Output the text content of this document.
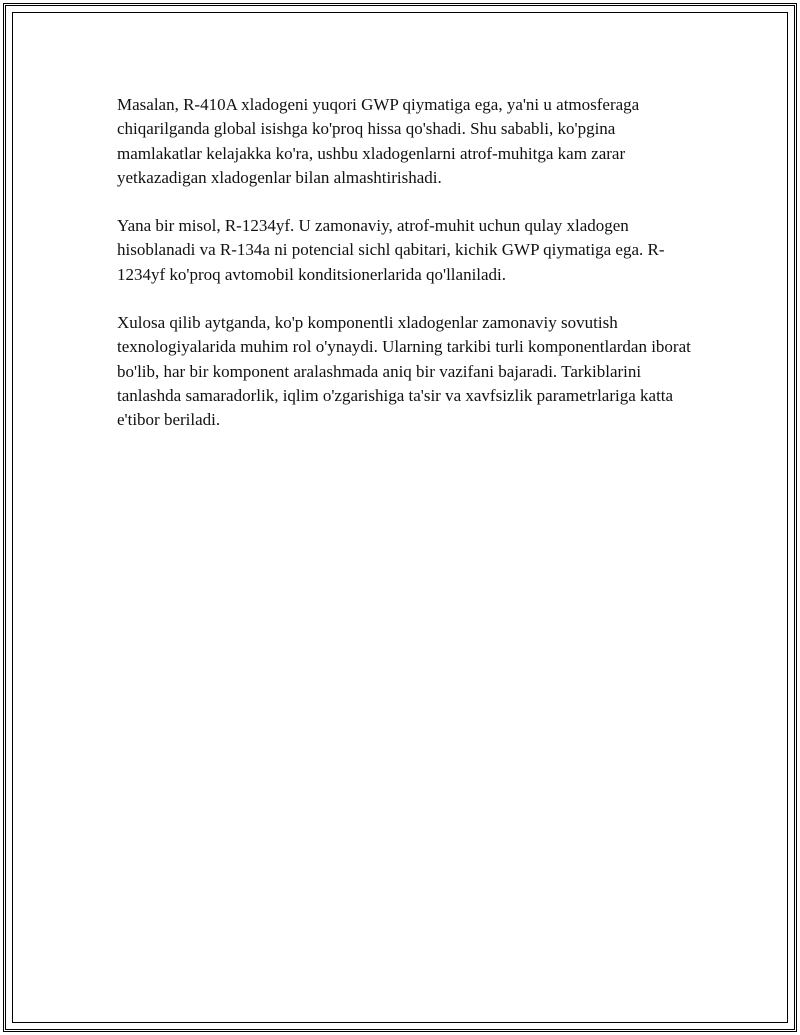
Masalan, R-410A xladogeni yuqori GWP qiymatiga ega, ya'ni u atmosferaga chiqarilganda global isishga ko'proq hissa qo'shadi. Shu sababli, ko'pgina mamlakatlar kelajakka ko'ra, ushbu xladogenlarni atrof-muhitga kam zarar yetkazadigan xladogenlar bilan almashtirishadi.

Yana bir misol, R-1234yf. U zamonaviy, atrof-muhit uchun qulay xladogen hisoblanadi va R-134a ni potencial sichl qabitari, kichik GWP qiymatiga ega. R-1234yf ko'proq avtomobil konditsionerlarida qo'llaniladi.

Xulosa qilib aytganda, ko'p komponentli xladogenlar zamonaviy sovutish texnologiyalarida muhim rol o'ynaydi. Ularning tarkibi turli komponentlardan iborat bo'lib, har bir komponent aralashmada aniq bir vazifani bajaradi. Tarkiblarini tanlashda samaradorlik, iqlim o'zgarishiga ta'sir va xavfsizlik parametrlariga katta e'tibor beriladi.
